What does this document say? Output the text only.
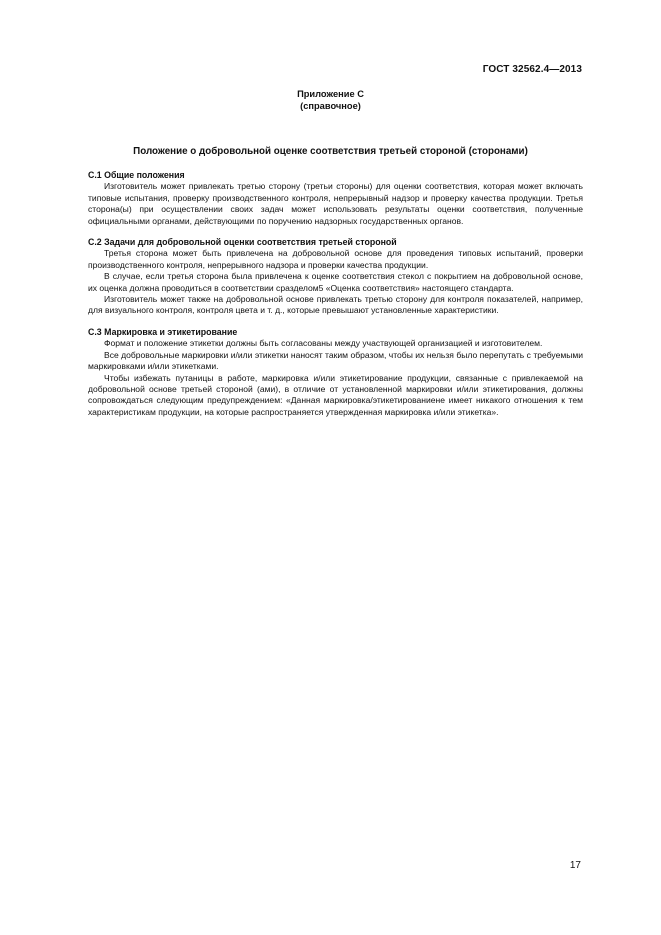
ГОСТ 32562.4—2013
Приложение С
(справочное)
Положение о добровольной оценке соответствия третьей стороной (сторонами)
С.1 Общие положения

Изготовитель может привлекать третью сторону (третьи стороны) для оценки соответствия, которая может включать типовые испытания, проверку производственного контроля, непрерывный надзор и проверку качества продукции. Третья сторона(ы) при осуществлении своих задач может использовать результаты оценки соответствия, полученные официальными органами, действующими по поручению надзорных государственных органов.

С.2 Задачи для добровольной оценки соответствия третьей стороной

Третья сторона может быть привлечена на добровольной основе для проведения типовых испытаний, проверки производственного контроля, непрерывного надзора и проверки качества продукции.

В случае, если третья сторона была привлечена к оценке соответствия стекол с покрытием на добровольной основе, их оценка должна проводиться в соответствии сразделом5 «Оценка соответствия» настоящего стандарта.

Изготовитель может также на добровольной основе привлекать третью сторону для контроля показателей, например, для визуального контроля, контроля цвета и т. д., которые превышают установленные характеристики.

С.3 Маркировка и этикетирование

Формат и положение этикетки должны быть согласованы между участвующей организацией и изготовителем.

Все добровольные маркировки и/или этикетки наносят таким образом, чтобы их нельзя было перепутать с требуемыми маркировками и/или этикетками.

Чтобы избежать путаницы в работе, маркировка и/или этикетирование продукции, связанные с привлекаемой на добровольной основе третьей стороной (ами), в отличие от установленной маркировки и/или этикетирования, должны сопровождаться следующим предупреждением: «Данная маркировка/этикетированиене имеет никакого отношения к тем характеристикам продукции, на которые распространяется утвержденная маркировка и/или этикетка».

17
